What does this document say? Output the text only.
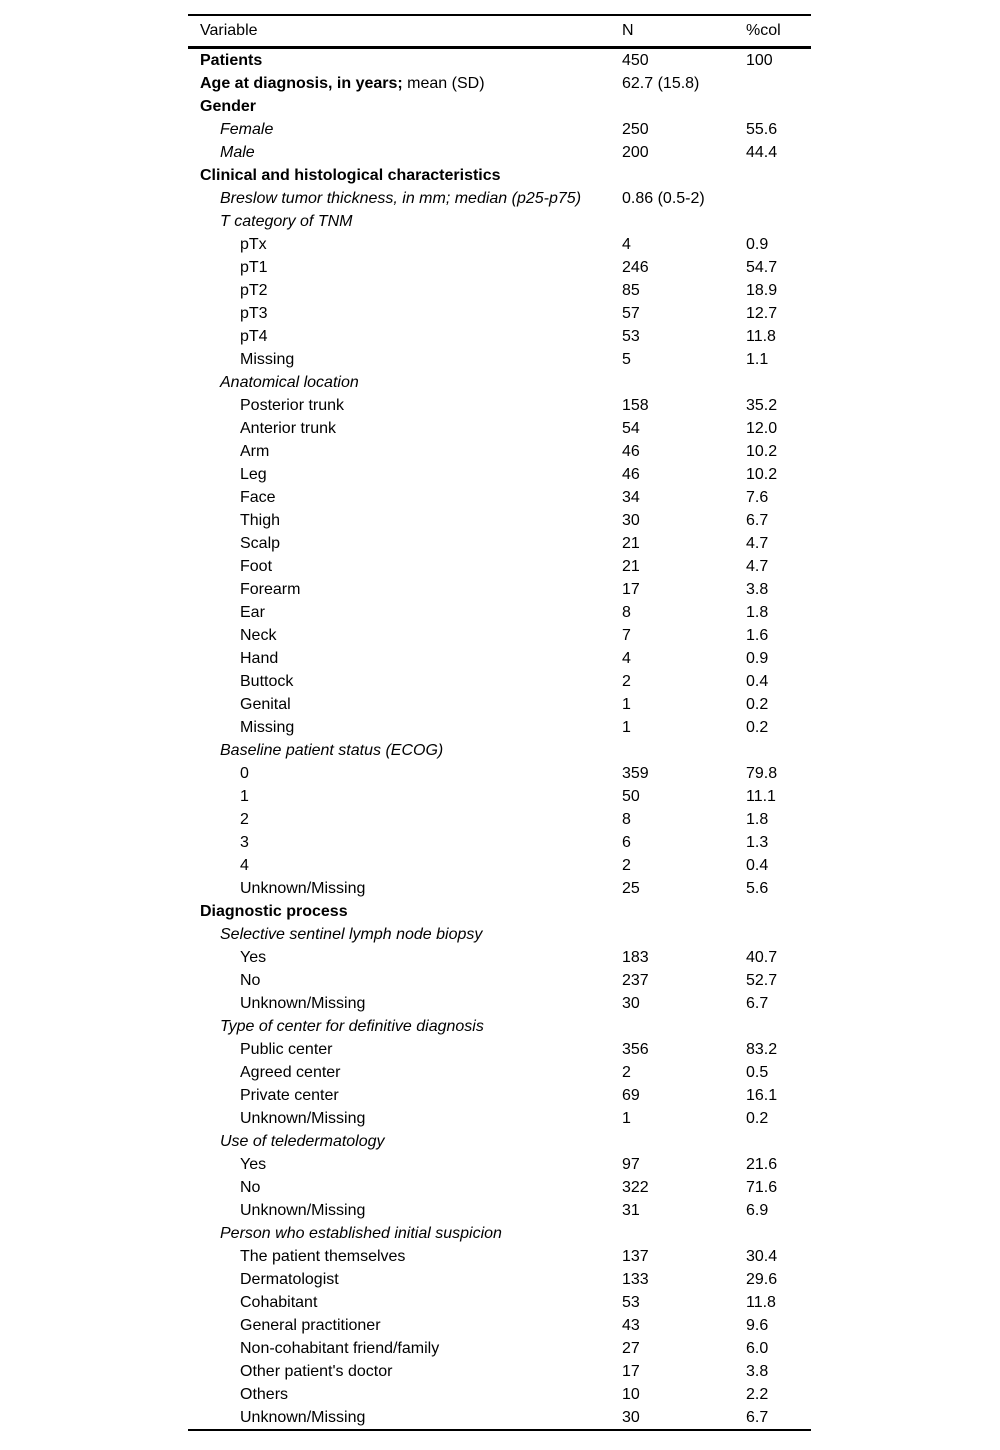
Variable	N	%col
Patients	450	100
Age at diagnosis, in years; mean (SD)	62.7 (15.8)
Gender
Female	250	55.6
Male	200	44.4
Clinical and histological characteristics
Breslow tumor thickness, in mm; median (p25-p75)	0.86 (0.5-2)
T category of TNM
pTx	4	0.9
pT1	246	54.7
pT2	85	18.9
pT3	57	12.7
pT4	53	11.8
Missing	5	1.1
Anatomical location
Posterior trunk	158	35.2
Anterior trunk	54	12.0
Arm	46	10.2
Leg	46	10.2
Face	34	7.6
Thigh	30	6.7
Scalp	21	4.7
Foot	21	4.7
Forearm	17	3.8
Ear	8	1.8
Neck	7	1.6
Hand	4	0.9
Buttock	2	0.4
Genital	1	0.2
Missing	1	0.2
Baseline patient status (ECOG)
0	359	79.8
1	50	11.1
2	8	1.8
3	6	1.3
4	2	0.4
Unknown/Missing	25	5.6
Diagnostic process
Selective sentinel lymph node biopsy
Yes	183	40.7
No	237	52.7
Unknown/Missing	30	6.7
Type of center for definitive diagnosis
Public center	356	83.2
Agreed center	2	0.5
Private center	69	16.1
Unknown/Missing	1	0.2
Use of teledermatology
Yes	97	21.6
No	322	71.6
Unknown/Missing	31	6.9
Person who established initial suspicion
The patient themselves	137	30.4
Dermatologist	133	29.6
Cohabitant	53	11.8
General practitioner	43	9.6
Non-cohabitant friend/family	27	6.0
Other patient's doctor	17	3.8
Others	10	2.2
Unknown/Missing	30	6.7
